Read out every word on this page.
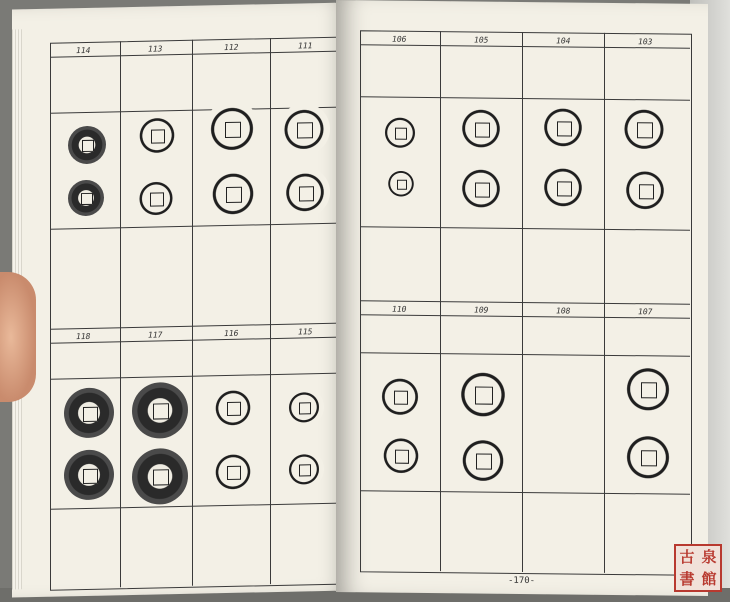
114	113	112	111
118	117	116	115
106	105	104	103
110	109	108	107
-170-
古 泉
書 館
